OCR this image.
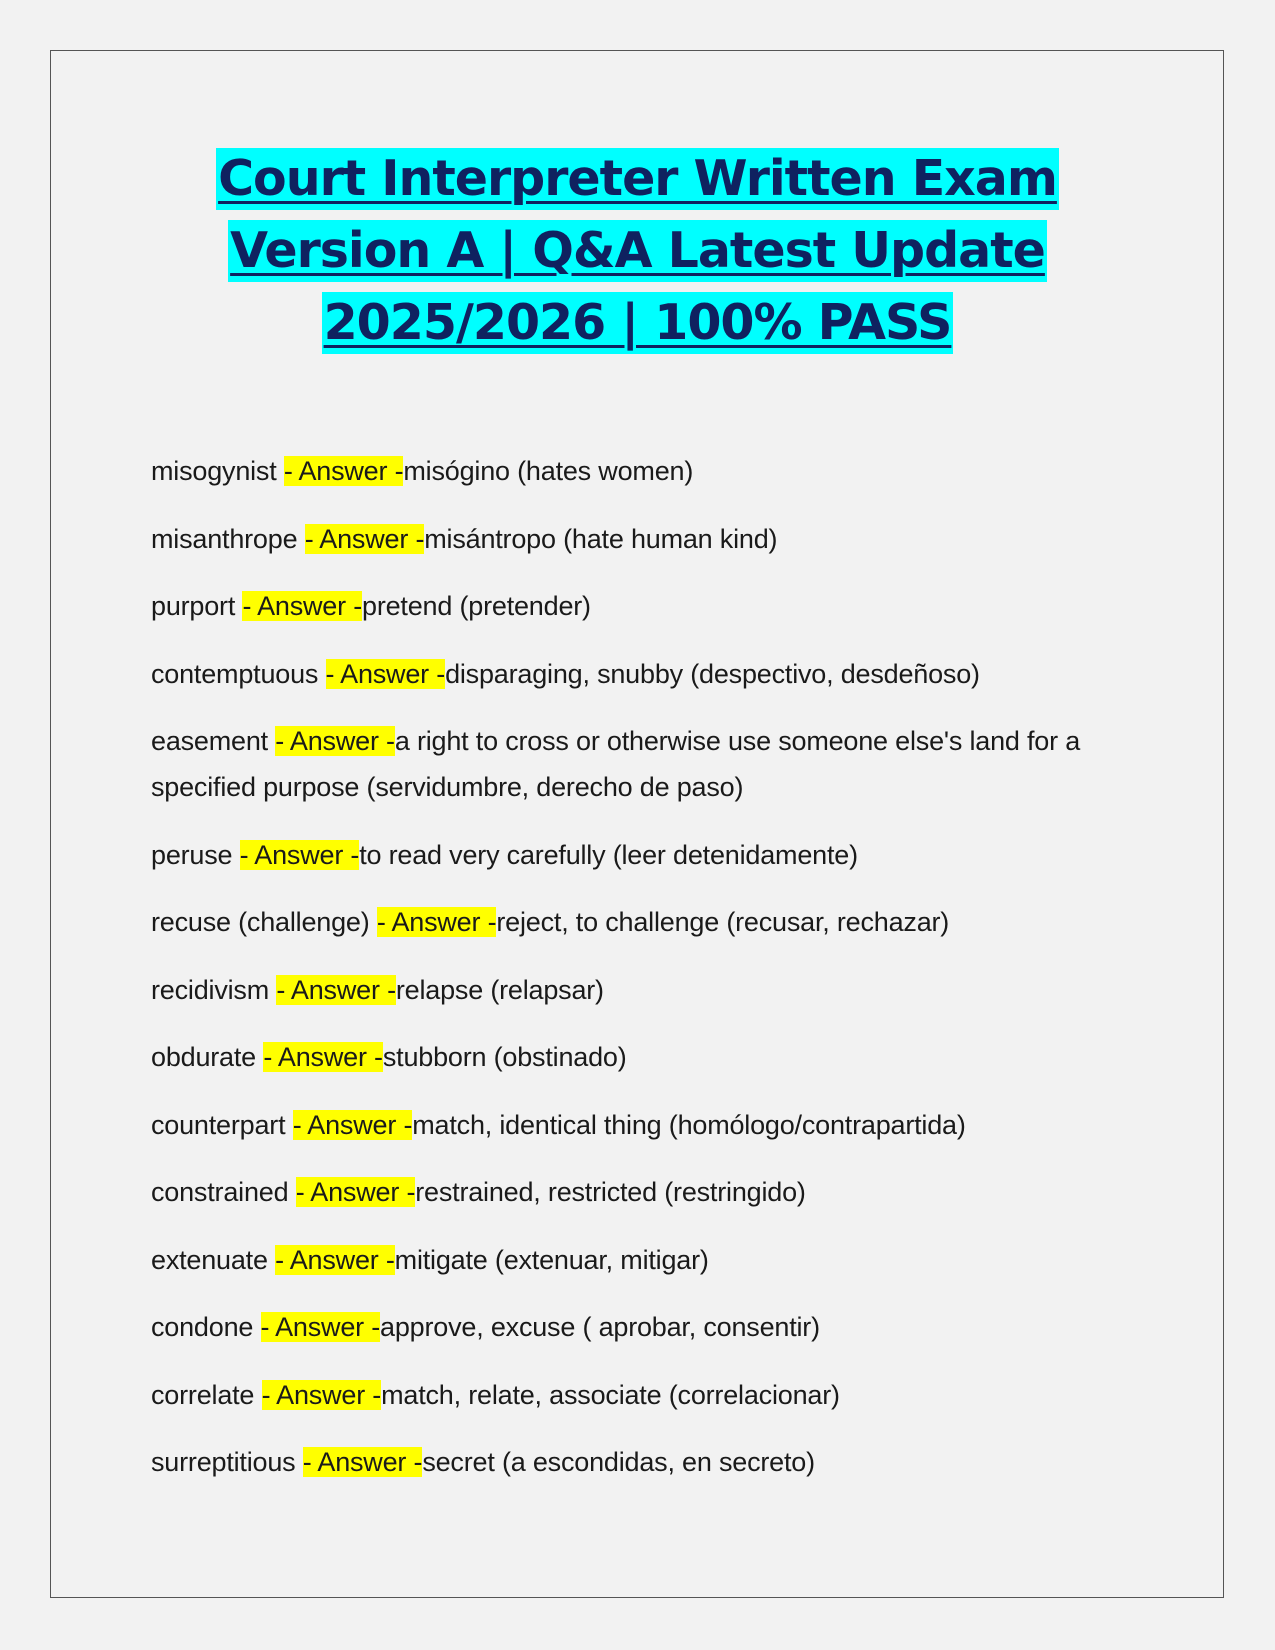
Court Interpreter Written Exam
Version A | Q&A Latest Update
2025/2026 | 100% PASS
misogynist - Answer -misógino (hates women)
misanthrope - Answer -misántropo (hate human kind)
purport - Answer -pretend (pretender)
contemptuous - Answer -disparaging, snubby (despectivo, desdeñoso)
easement - Answer -a right to cross or otherwise use someone else's land for a specified purpose (servidumbre, derecho de paso)
peruse - Answer -to read very carefully (leer detenidamente)
recuse (challenge) - Answer -reject, to challenge (recusar, rechazar)
recidivism - Answer -relapse (relapsar)
obdurate - Answer -stubborn (obstinado)
counterpart - Answer -match, identical thing (homólogo/contrapartida)
constrained - Answer -restrained, restricted (restringido)
extenuate - Answer -mitigate (extenuar, mitigar)
condone - Answer -approve, excuse ( aprobar, consentir)
correlate - Answer -match, relate, associate (correlacionar)
surreptitious - Answer -secret (a escondidas, en secreto)
